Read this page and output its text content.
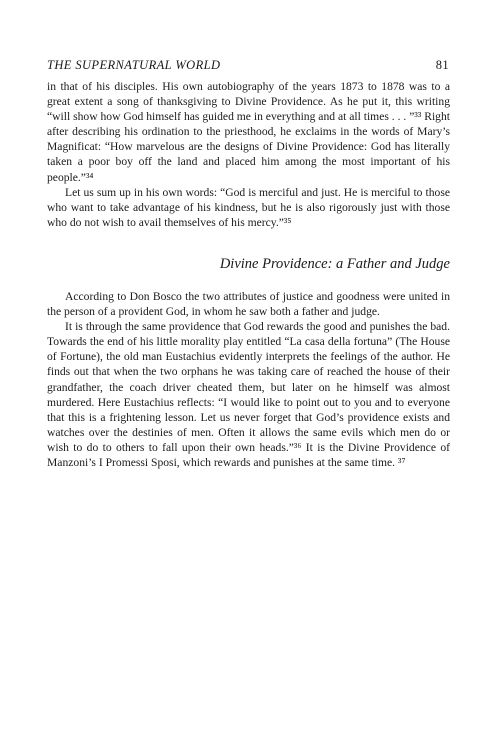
THE SUPERNATURAL WORLD	81

in that of his disciples. His own autobiography of the years 1873 to 1878 was to a great extent a song of thanksgiving to Divine Providence. As he put it, this writing “will show how God himself has guided me in everything and at all times . . . ”³³ Right after describing his ordination to the priesthood, he exclaims in the words of Mary’s Magnificat: “How marvelous are the designs of Divine Providence: God has literally taken a poor boy off the land and placed him among the most important of his people.”³⁴

Let us sum up in his own words: “God is merciful and just. He is merciful to those who want to take advantage of his kindness, but he is also rigorously just with those who do not wish to avail themselves of his mercy.”³⁵

Divine Providence: a Father and Judge

According to Don Bosco the two attributes of justice and goodness were united in the person of a provident God, in whom he saw both a father and judge.

It is through the same providence that God rewards the good and punishes the bad. Towards the end of his little morality play entitled “La casa della fortuna” (The House of Fortune), the old man Eustachius evidently interprets the feelings of the author. He finds out that when the two orphans he was taking care of reached the house of their grandfather, the coach driver cheated them, but later on he himself was almost murdered. Here Eustachius reflects: “I would like to point out to you and to everyone that this is a frightening lesson. Let us never forget that God’s providence exists and watches over the destinies of men. Often it allows the same evils which men do or wish to do to others to fall upon their own heads.”³⁶ It is the Divine Providence of Manzoni’s I Promessi Sposi, which rewards and punishes at the same time. ³⁷
